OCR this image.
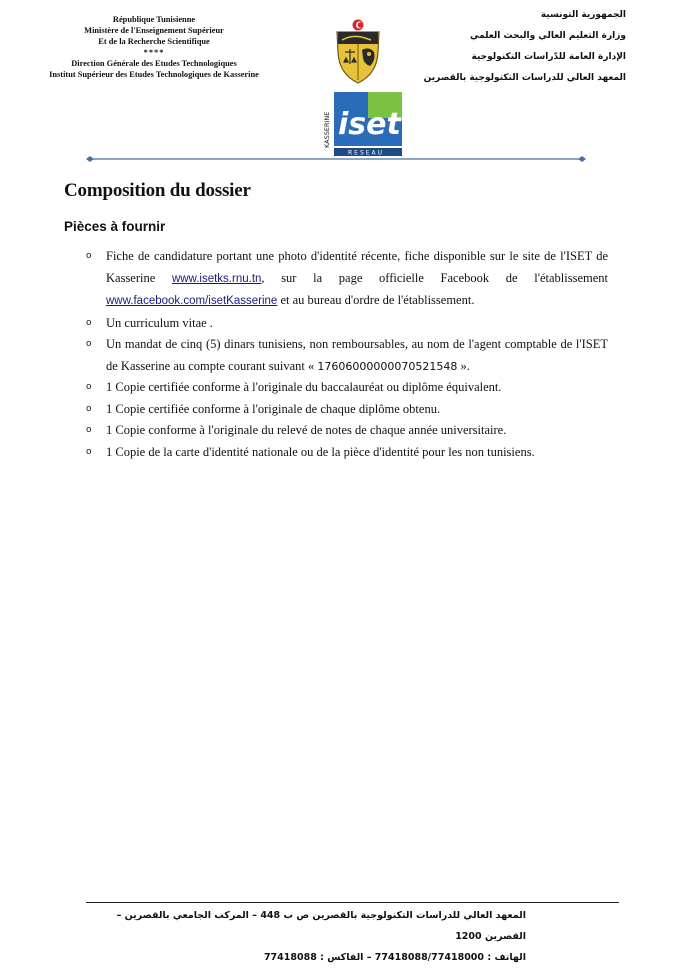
République Tunisienne
Ministère de l'Enseignement Supérieur
Et de la Recherche Scientifique
****
Direction Générale des Etudes Technologiques
Institut Supérieur des Etudes Technologiques de Kasserine
iset
KASSERINE
RESEAU
الجمهورية التونسية
وزارة التعليم العالي والبحث العلمي
الإدارة العامة للدّراسات التكنولوجية
المعهد العالي للدراسات التكنولوجية بالقصرين
Composition du dossier
Pièces à fournir
o Fiche de candidature portant une photo d'identité récente, fiche disponible sur le site de l'ISET de Kasserine www.isetks.rnu.tn, sur la page officielle Facebook de l'établissement www.facebook.com/isetKasserine et au bureau d'ordre de l'établissement.
o Un curriculum vitae .
o Un mandat de cinq (5) dinars tunisiens, non remboursables, au nom de l'agent comptable de l'ISET de Kasserine au compte courant suivant « 17606000000070521548 ».
o 1 Copie certifiée conforme à l'originale du baccalauréat ou diplôme équivalent.
o 1 Copie certifiée conforme à l'originale de chaque diplôme obtenu.
o 1 Copie conforme à l'originale du relevé de notes de chaque année universitaire.
o 1 Copie de la carte d'identité nationale ou de la pièce d'identité pour les non tunisiens.
المعهد العالي للدراسات التكنولوجية بالقصرين ص ب 448 – المركب الجامعي بالقصرين – القصرين 1200
الهاتف : 77418088/77418000 – الفاكس : 77418088
